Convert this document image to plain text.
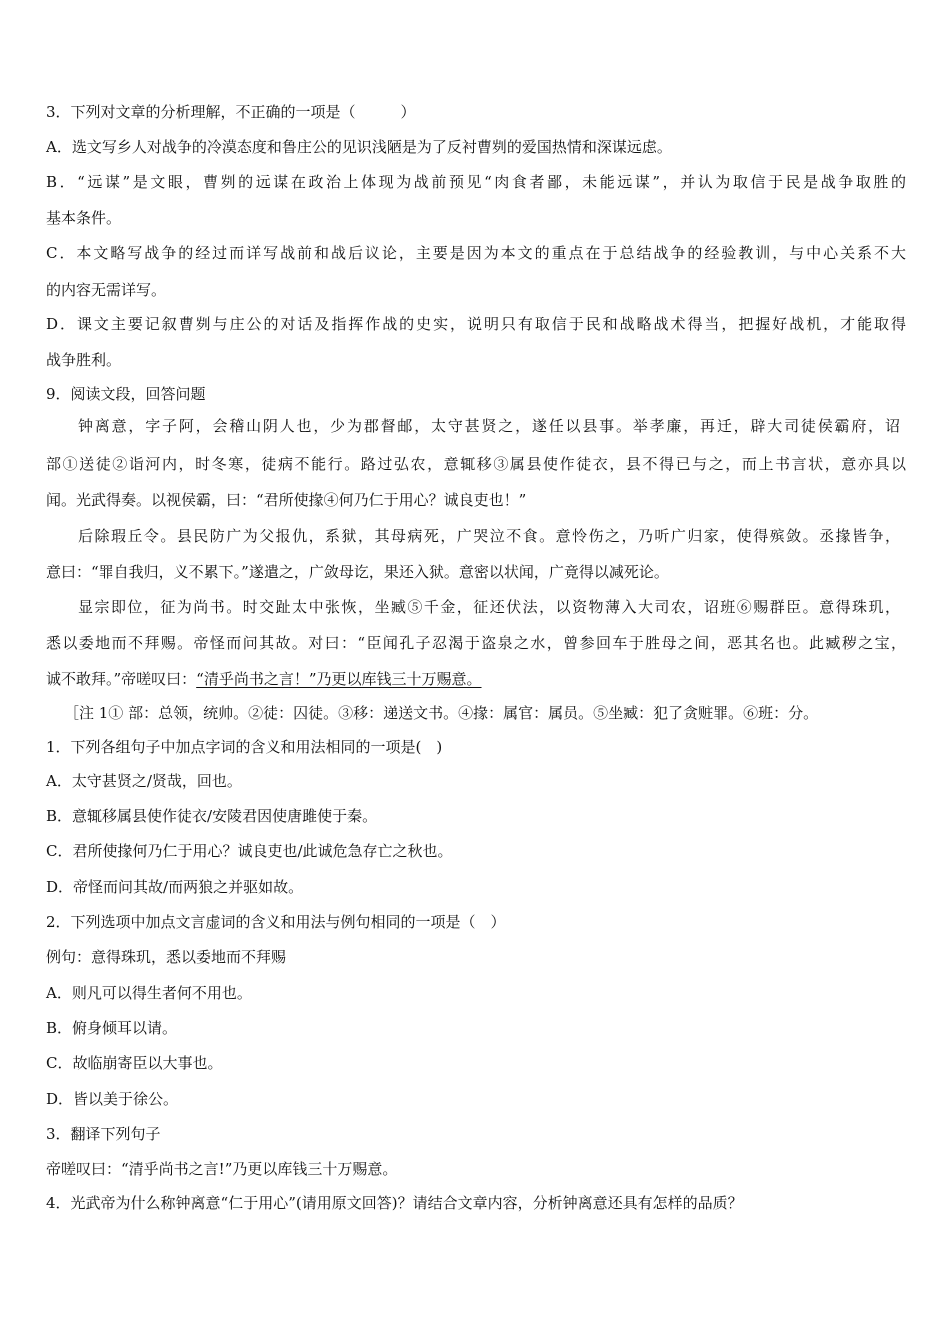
3．下列对文章的分析理解，不正确的一项是（　　　）
A．选文写乡人对战争的冷漠态度和鲁庄公的见识浅陋是为了反衬曹刿的爱国热情和深谋远虑。
B．“远谋”是文眼，曹刿的远谋在政治上体现为战前预见“肉食者鄙，未能远谋”，并认为取信于民是战争取胜的
基本条件。
C．本文略写战争的经过而详写战前和战后议论，主要是因为本文的重点在于总结战争的经验教训，与中心关系不大
的内容无需详写。
D．课文主要记叙曹刿与庄公的对话及指挥作战的史实，说明只有取信于民和战略战术得当，把握好战机，才能取得
战争胜利。
9．阅读文段，回答问题
钟离意，字子阿，会稽山阴人也，少为郡督邮，太守甚贤之，遂任以县事。举孝廉，再迁，辟大司徒侯霸府，诏
部①送徒②诣河内，时冬寒，徒病不能行。路过弘农，意辄移③属县使作徒衣，县不得已与之，而上书言状，意亦具以
闻。光武得奏。以视侯霸，曰：“君所使掾④何乃仁于用心？诚良吏也！”
后除瑕丘令。县民防广为父报仇，系狱，其母病死，广哭泣不食。意怜伤之，乃听广归家，使得殡敛。丞掾皆争，
意曰：“罪自我归，义不累下。”遂遣之，广敛母讫，果还入狱。意密以状闻，广竟得以减死论。
显宗即位，征为尚书。时交趾太中张恢，坐臧⑤千金，征还伏法，以资物薄入大司农，诏班⑥赐群臣。意得珠玑，
悉以委地而不拜赐。帝怪而问其故。对曰：“臣闻孔子忍渴于盗泉之水，曾参回车于胜母之间，恶其名也。此臧秽之宝，
诚不敢拜。”帝嗟叹曰：“清乎尚书之言！”乃更以库钱三十万赐意。
［注 1① 部：总领，统帅。②徒：囚徒。③移：递送文书。④掾：属官：属员。⑤坐臧：犯了贪赃罪。⑥班：分。
1．下列各组句子中加点字词的含义和用法相同的一项是(　)
A．太守甚贤之/贤哉，回也。
B．意辄移属县使作徒衣/安陵君因使唐雎使于秦。
C．君所使掾何乃仁于用心？诚良吏也/此诚危急存亡之秋也。
D．帝怪而问其故/而两狼之并驱如故。
2．下列选项中加点文言虚词的含义和用法与例句相同的一项是（　）
例句：意得珠玑，悉以委地而不拜赐
A．则凡可以得生者何不用也。
B．俯身倾耳以请。
C．故临崩寄臣以大事也。
D．皆以美于徐公。
3．翻译下列句子
帝嗟叹曰：“清乎尚书之言!”乃更以库钱三十万赐意。
4．光武帝为什么称钟离意“仁于用心”(请用原文回答)？请结合文章内容，分析钟离意还具有怎样的品质？
